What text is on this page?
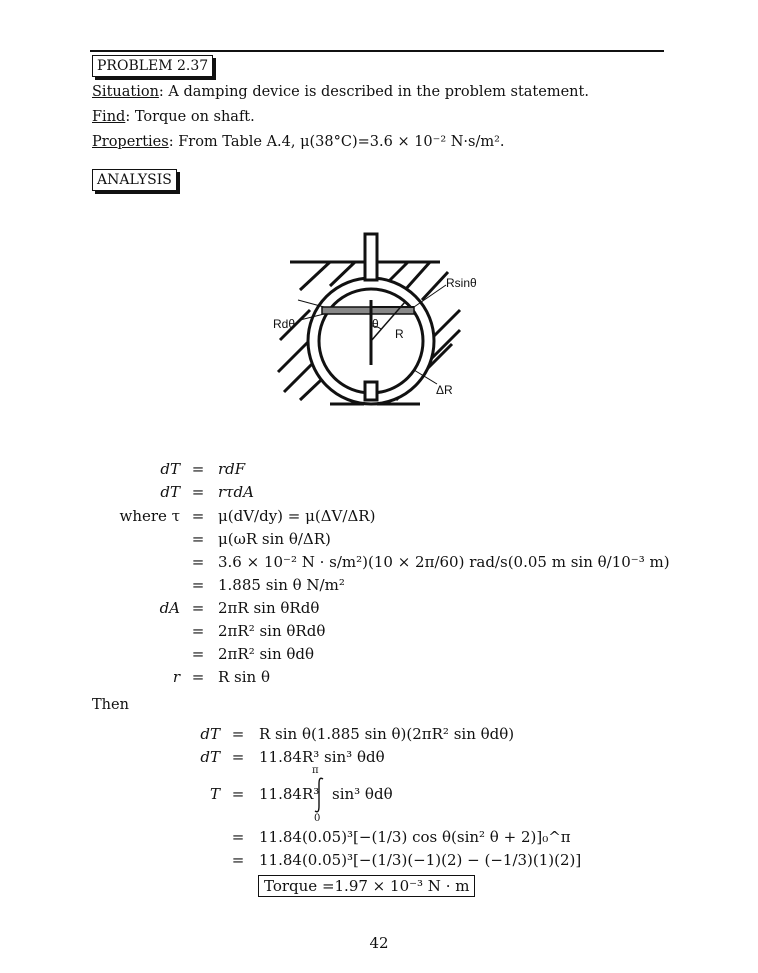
PROBLEM 2.37
Situation: A damping device is described in the problem statement.
Find: Torque on shaft.
Properties: From Table A.4, μ(38°C)=3.6 × 10⁻² N·s/m².
ANALYSIS
Rsinθ
Rdθ	θ
R
ΔR
dT = rdF
dT = rτdA
where τ = μ(dV/dy) = μ(ΔV/ΔR)
= μ(ωR sin θ/ΔR)
= 3.6 × 10⁻² N · s/m²)(10 × 2π/60) rad/s(0.05 m sin θ/10⁻³ m)
= 1.885 sin θ N/m²
dA = 2πR sin θRdθ
= 2πR² sin θRdθ
= 2πR² sin θdθ
r = R sin θ
Then
dT = R sin θ(1.885 sin θ)(2πR² sin θdθ)
dT = 11.84R³ sin³ θdθ
T = 11.84R³
π
0
sin³ θdθ
= 11.84(0.05)³[−(1/3) cos θ(sin² θ + 2)]₀^π
= 11.84(0.05)³[−(1/3)(−1)(2) − (−1/3)(1)(2)]
Torque =1.97 × 10⁻³ N · m
42
